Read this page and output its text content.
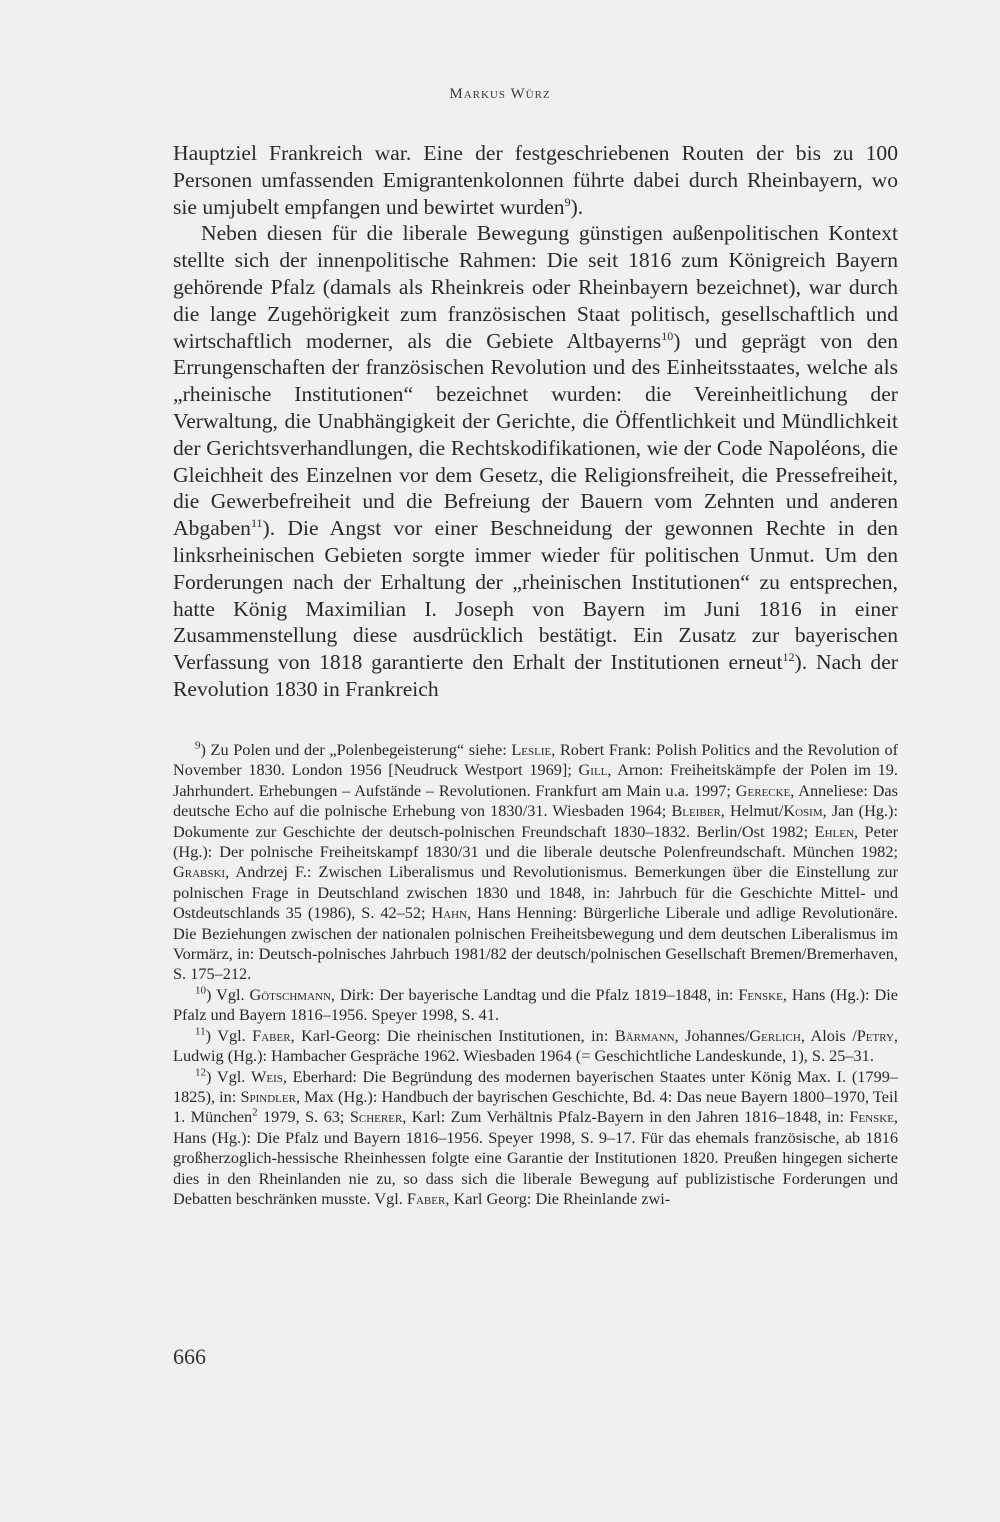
Markus Würz

Hauptziel Frankreich war. Eine der festgeschriebenen Routen der bis zu 100 Personen umfassenden Emigrantenkolonnen führte dabei durch Rheinbayern, wo sie umjubelt empfangen und bewirtet wurden$^9$).

Neben diesen für die liberale Bewegung günstigen außenpolitischen Kontext stellte sich der innenpolitische Rahmen: Die seit 1816 zum Königreich Bayern gehörende Pfalz (damals als Rheinkreis oder Rheinbayern bezeichnet), war durch die lange Zugehörigkeit zum französischen Staat politisch, gesellschaftlich und wirtschaftlich moderner, als die Gebiete Altbayerns$^{10}$) und geprägt von den Errungenschaften der französischen Revolution und des Einheitsstaates, welche als „rheinische Institutionen“ bezeichnet wurden: die Vereinheitlichung der Verwaltung, die Unabhängigkeit der Gerichte, die Öffentlichkeit und Mündlichkeit der Gerichtsverhandlungen, die Rechtskodifikationen, wie der Code Napoléons, die Gleichheit des Einzelnen vor dem Gesetz, die Religionsfreiheit, die Pressefreiheit, die Gewerbefreiheit und die Befreiung der Bauern vom Zehnten und anderen Abgaben$^{11}$). Die Angst vor einer Beschneidung der gewonnen Rechte in den linksrheinischen Gebieten sorgte immer wieder für politischen Unmut. Um den Forderungen nach der Erhaltung der „rheinischen Institutionen“ zu entsprechen, hatte König Maximilian I. Joseph von Bayern im Juni 1816 in einer Zusammenstellung diese ausdrücklich bestätigt. Ein Zusatz zur bayerischen Verfassung von 1818 garantierte den Erhalt der Institutionen erneut$^{12}$). Nach der Revolution 1830 in Frankreich

$^9$) Zu Polen und der „Polenbegeisterung“ siehe: Leslie, Robert Frank: Polish Politics and the Revolution of November 1830. London 1956 [Neudruck Westport 1969]; Gill, Arnon: Freiheitskämpfe der Polen im 19. Jahrhundert. Erhebungen – Aufstände – Revolutionen. Frankfurt am Main u.a. 1997; Gerecke, Anneliese: Das deutsche Echo auf die polnische Erhebung von 1830/31. Wiesbaden 1964; Bleiber, Helmut/Kosim, Jan (Hg.): Dokumente zur Geschichte der deutsch-polnischen Freundschaft 1830–1832. Berlin/Ost 1982; Ehlen, Peter (Hg.): Der polnische Freiheitskampf 1830/31 und die liberale deutsche Polenfreundschaft. München 1982; Grabski, Andrzej F.: Zwischen Liberalismus und Revolutionismus. Bemerkungen über die Einstellung zur polnischen Frage in Deutschland zwischen 1830 und 1848, in: Jahrbuch für die Geschichte Mittel- und Ostdeutschlands 35 (1986), S. 42–52; Hahn, Hans Henning: Bürgerliche Liberale und adlige Revolutionäre. Die Beziehungen zwischen der nationalen polnischen Freiheitsbewegung und dem deutschen Liberalismus im Vormärz, in: Deutsch-polnisches Jahrbuch 1981/82 der deutsch/polnischen Gesellschaft Bremen/Bremerhaven, S. 175–212.

$^{10}$) Vgl. Götschmann, Dirk: Der bayerische Landtag und die Pfalz 1819–1848, in: Fenske, Hans (Hg.): Die Pfalz und Bayern 1816–1956. Speyer 1998, S. 41.

$^{11}$) Vgl. Faber, Karl-Georg: Die rheinischen Institutionen, in: Bärmann, Johannes/Gerlich, Alois /Petry, Ludwig (Hg.): Hambacher Gespräche 1962. Wiesbaden 1964 (= Geschichtliche Landeskunde, 1), S. 25–31.

$^{12}$) Vgl. Weis, Eberhard: Die Begründung des modernen bayerischen Staates unter König Max. I. (1799–1825), in: Spindler, Max (Hg.): Handbuch der bayrischen Geschichte, Bd. 4: Das neue Bayern 1800–1970, Teil 1. München$^2$ 1979, S. 63; Scherer, Karl: Zum Verhältnis Pfalz-Bayern in den Jahren 1816–1848, in: Fenske, Hans (Hg.): Die Pfalz und Bayern 1816–1956. Speyer 1998, S. 9–17. Für das ehemals französische, ab 1816 großherzoglich-hessische Rheinhessen folgte eine Garantie der Institutionen 1820. Preußen hingegen sicherte dies in den Rheinlanden nie zu, so dass sich die liberale Bewegung auf publizistische Forderungen und Debatten beschränken musste. Vgl. Faber, Karl Georg: Die Rheinlande zwi-

666
